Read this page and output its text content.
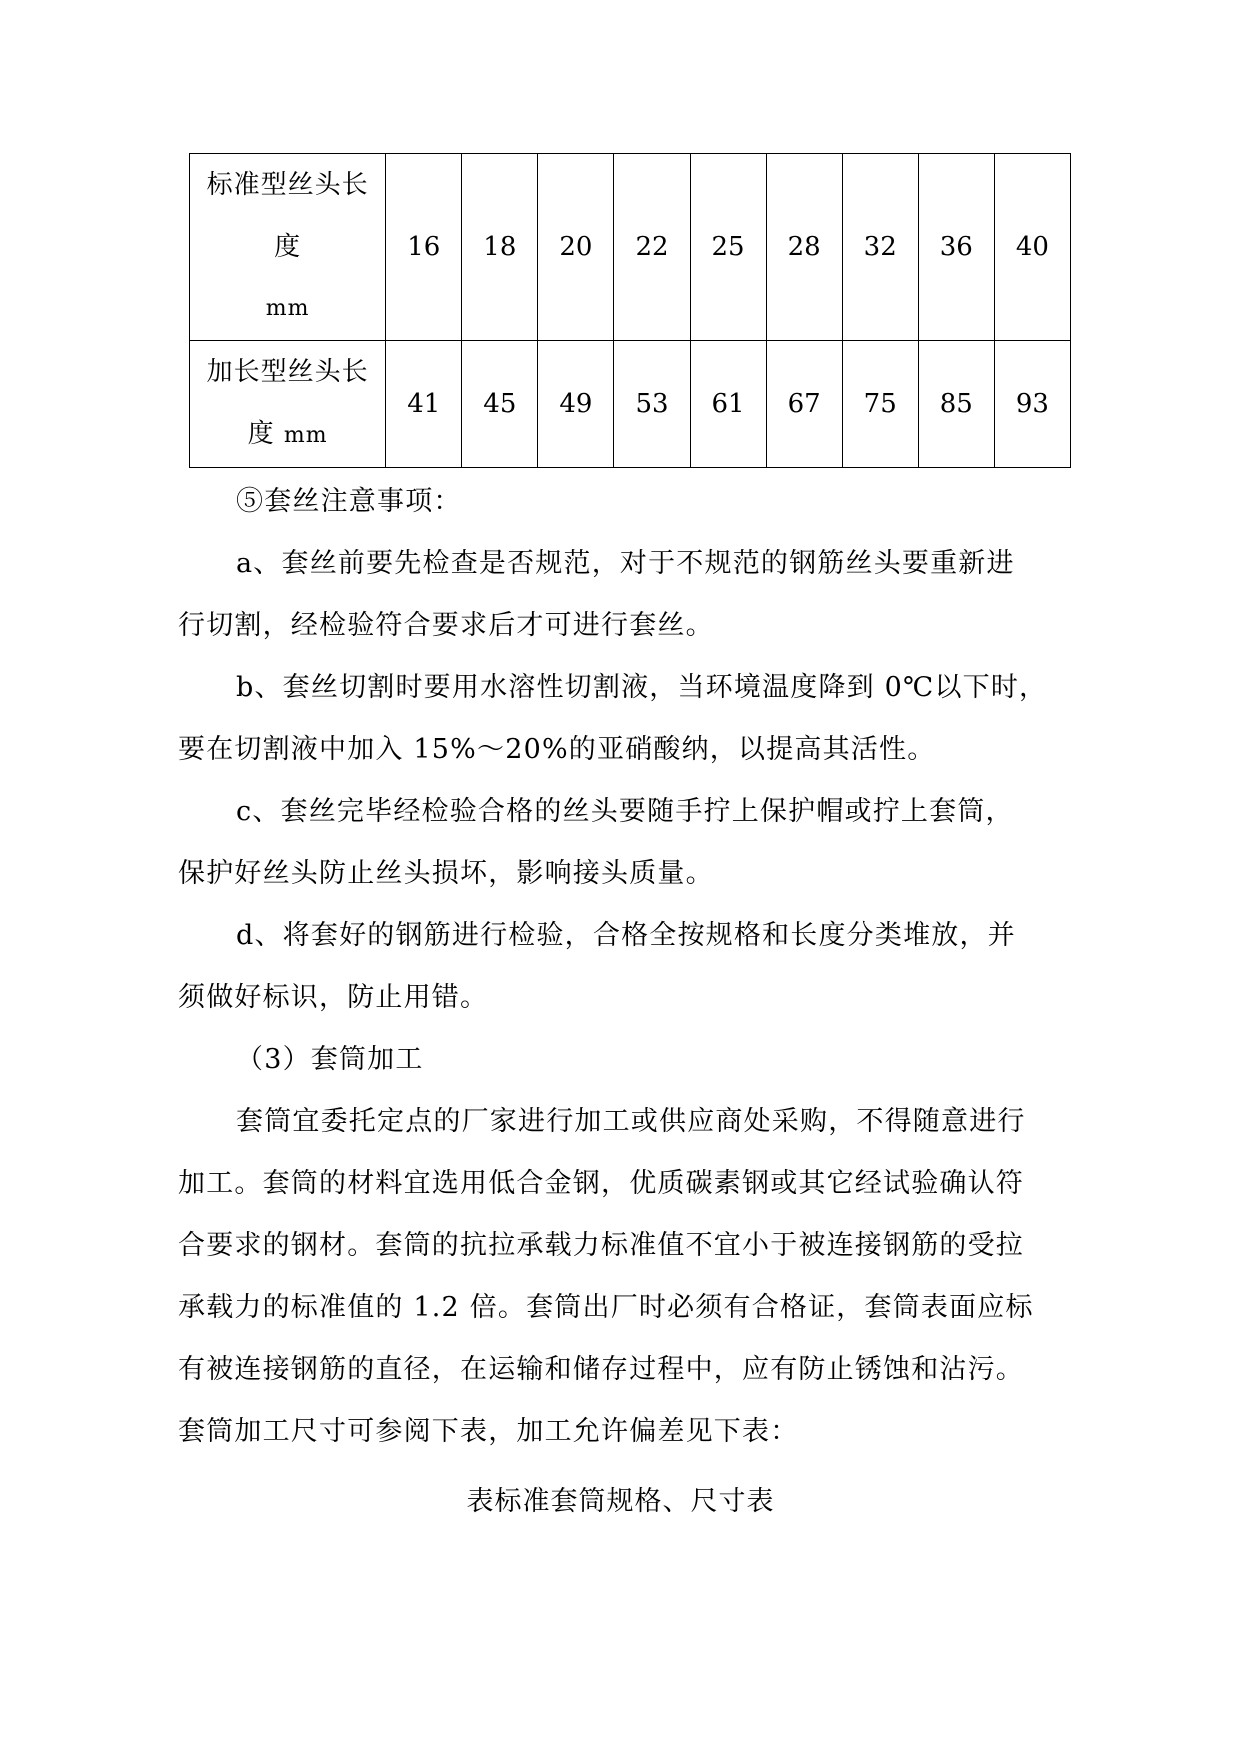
标准型丝头长
度
mm	16	18	20	22	25	28	32	36	40

加长型丝头长
度 mm	41	45	49	53	61	67	75	85	93

⑤套丝注意事项：

a、套丝前要先检查是否规范，对于不规范的钢筋丝头要重新进
行切割，经检验符合要求后才可进行套丝。

b、套丝切割时要用水溶性切割液，当环境温度降到 0℃以下时，
要在切割液中加入 15%～20%的亚硝酸纳，以提高其活性。

c、套丝完毕经检验合格的丝头要随手拧上保护帽或拧上套筒，
保护好丝头防止丝头损坏，影响接头质量。

d、将套好的钢筋进行检验，合格全按规格和长度分类堆放，并
须做好标识，防止用错。

（3）套筒加工

套筒宜委托定点的厂家进行加工或供应商处采购，不得随意进行
加工。套筒的材料宜选用低合金钢，优质碳素钢或其它经试验确认符
合要求的钢材。套筒的抗拉承载力标准值不宜小于被连接钢筋的受拉
承载力的标准值的 1.2 倍。套筒出厂时必须有合格证，套筒表面应标
有被连接钢筋的直径，在运输和储存过程中，应有防止锈蚀和沾污。
套筒加工尺寸可参阅下表，加工允许偏差见下表：

表标准套筒规格、尺寸表
